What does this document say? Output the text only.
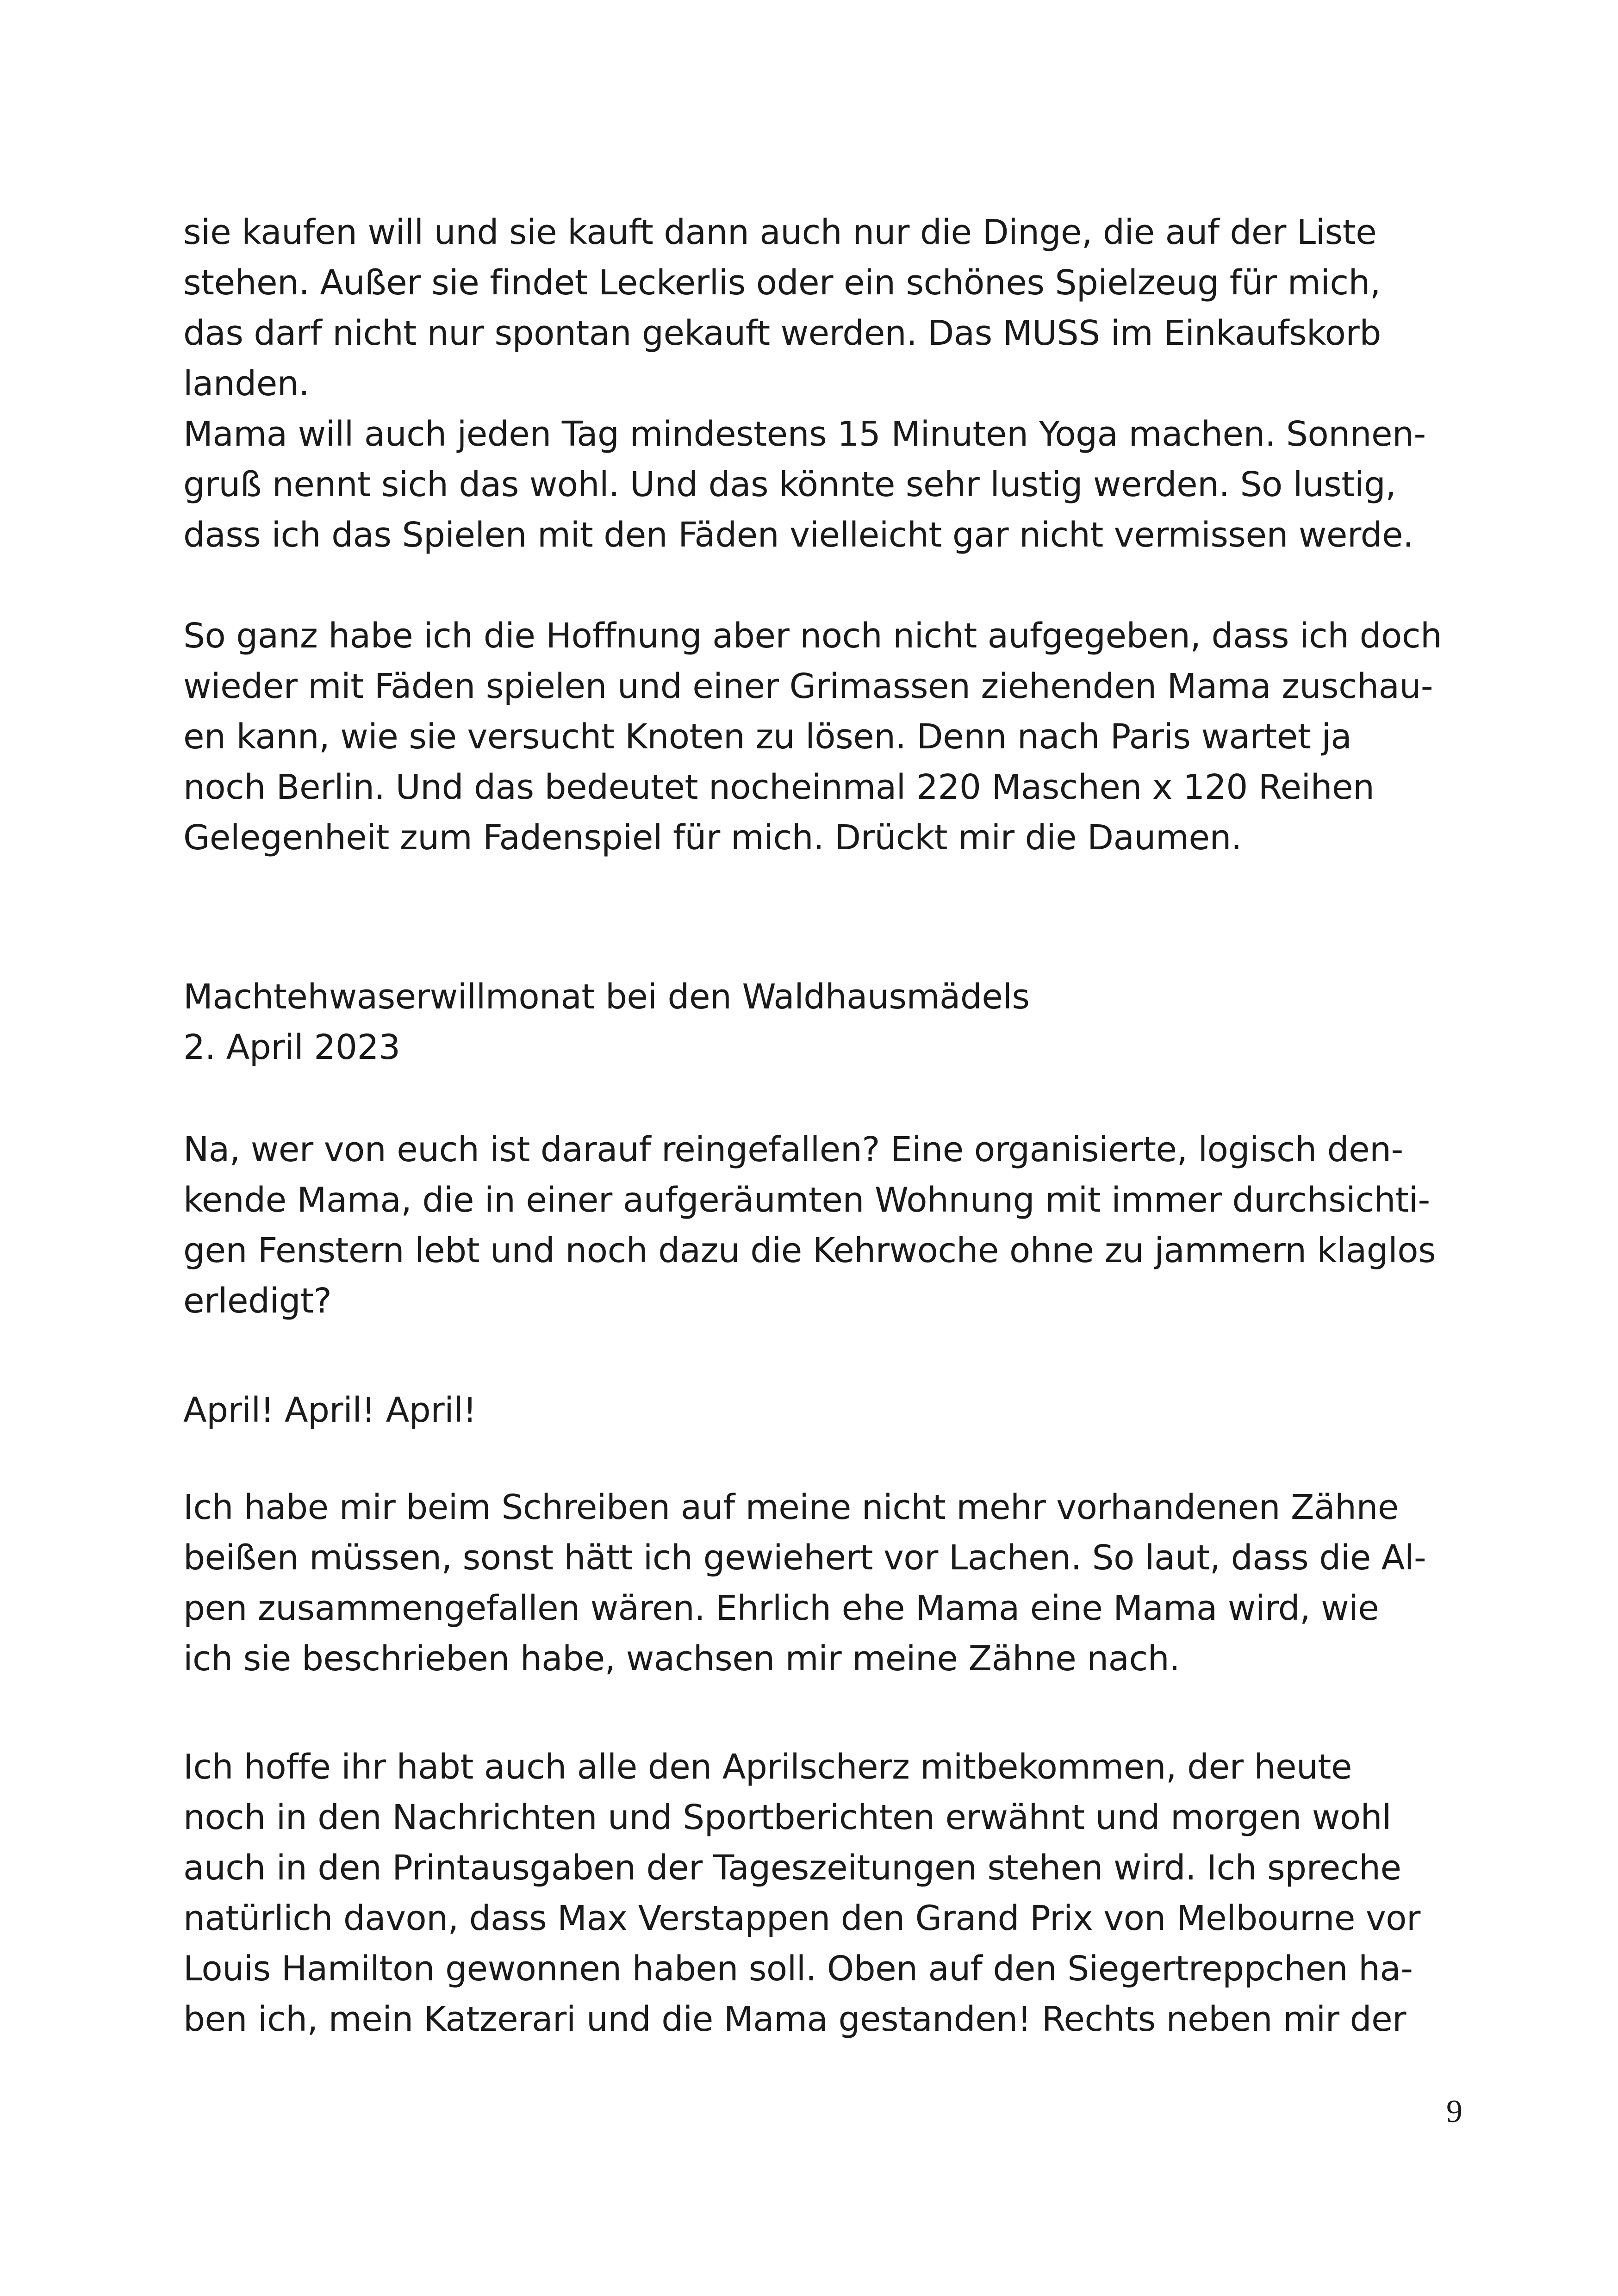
sie kaufen will und sie kauft dann auch nur die Dinge, die auf der Liste
stehen. Außer sie findet Leckerlis oder ein schönes Spielzeug für mich,
das darf nicht nur spontan gekauft werden. Das MUSS im Einkaufskorb
landen.
Mama will auch jeden Tag mindestens 15 Minuten Yoga machen. Sonnen-
gruß nennt sich das wohl. Und das könnte sehr lustig werden. So lustig,
dass ich das Spielen mit den Fäden vielleicht gar nicht vermissen werde.
So ganz habe ich die Hoffnung aber noch nicht aufgegeben, dass ich doch
wieder mit Fäden spielen und einer Grimassen ziehenden Mama zuschau-
en kann, wie sie versucht Knoten zu lösen. Denn nach Paris wartet ja
noch Berlin. Und das bedeutet nocheinmal 220 Maschen x 120 Reihen
Gelegenheit zum Fadenspiel für mich. Drückt mir die Daumen.
Machtehwaserwillmonat bei den Waldhausmädels
2. April 2023
Na, wer von euch ist darauf reingefallen? Eine organisierte, logisch den-
kende Mama, die in einer aufgeräumten Wohnung mit immer durchsichti-
gen Fenstern lebt und noch dazu die Kehrwoche ohne zu jammern klaglos
erledigt?
April! April! April!
Ich habe mir beim Schreiben auf meine nicht mehr vorhandenen Zähne
beißen müssen, sonst hätt ich gewiehert vor Lachen. So laut, dass die Al-
pen zusammengefallen wären. Ehrlich ehe Mama eine Mama wird, wie
ich sie beschrieben habe, wachsen mir meine Zähne nach.
Ich hoffe ihr habt auch alle den Aprilscherz mitbekommen, der heute
noch in den Nachrichten und Sportberichten erwähnt und morgen wohl
auch in den Printausgaben der Tageszeitungen stehen wird. Ich spreche
natürlich davon, dass Max Verstappen den Grand Prix von Melbourne vor
Louis Hamilton gewonnen haben soll. Oben auf den Siegertreppchen ha-
ben ich, mein Katzerari und die Mama gestanden! Rechts neben mir der
9
